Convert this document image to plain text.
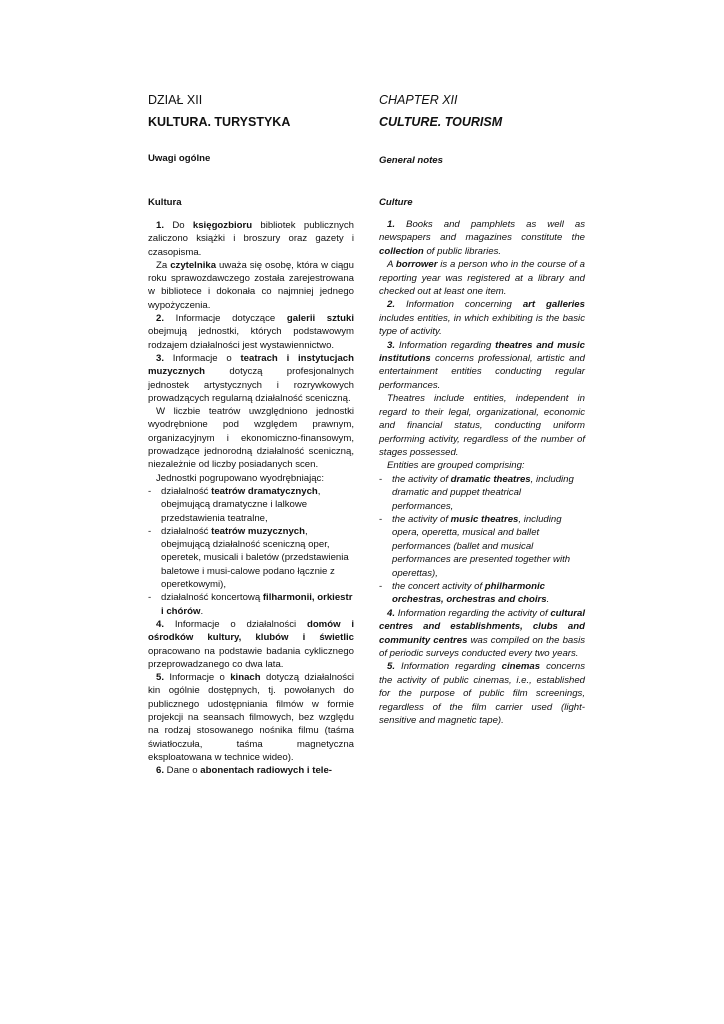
DZIAŁ XII
KULTURA. TURYSTYKA
Uwagi ogólne
Kultura

1. Do księgozbioru bibliotek publicznych zaliczono książki i broszury oraz gazety i czasopisma.

Za czytelnika uważa się osobę, która w ciągu roku sprawozdawczego została zarejestrowana w bibliotece i dokonała co najmniej jednego wypożyczenia.

2. Informacje dotyczące galerii sztuki obejmują jednostki, których podstawowym rodzajem działalności jest wystawiennictwo.

3. Informacje o teatrach i instytucjach muzycznych dotyczą profesjonalnych jednostek artystycznych i rozrywkowych prowadzących regularną działalność sceniczną.

W liczbie teatrów uwzględniono jednostki wyodrębnione pod względem prawnym, organizacyjnym i ekonomiczno-finansowym, prowadzące jednorodną działalność sceniczną, niezależnie od liczby posiadanych scen.

Jednostki pogrupowano wyodrębniając:

- działalność teatrów dramatycznych, obejmującą dramatyczne i lalkowe przedstawienia teatralne,

- działalność teatrów muzycznych, obejmującą działalność sceniczną oper, operetek, musicali i baletów (przedstawienia baletowe i musi-calowe podano łącznie z operetkowymi),

- działalność koncertową filharmonii, orkiestr i chórów.

4. Informacje o działalności domów i ośrodków kultury, klubów i świetlic opracowano na podstawie badania cyklicznego przeprowadzanego co dwa lata.

5. Informacje o kinach dotyczą działalności kin ogólnie dostępnych, tj. powołanych do publicznego udostępniania filmów w formie projekcji na seansach filmowych, bez względu na rodzaj stosowanego nośnika filmu (taśma światłoczuła, taśma magnetyczna eksploatowana w technice wideo).

6. Dane o abonentach radiowych i tele-

CHAPTER XII
CULTURE. TOURISM
General notes
Culture

1. Books and pamphlets as well as newspapers and magazines constitute the collection of public libraries.

A borrower is a person who in the course of a reporting year was registered at a library and checked out at least one item.

2. Information concerning art galleries includes entities, in which exhibiting is the basic type of activity.

3. Information regarding theatres and music institutions concerns professional, artistic and entertainment entities conducting regular performances.

Theatres include entities, independent in regard to their legal, organizational, economic and financial status, conducting uniform performing activity, regardless of the number of stages possessed.

Entities are grouped comprising:

- the activity of dramatic theatres, including dramatic and puppet theatrical performances,

- the activity of music theatres, including opera, operetta, musical and ballet performances (ballet and musical performances are presented together with operettas),

- the concert activity of philharmonic orchestras, orchestras and choirs.

4. Information regarding the activity of cultural centres and establishments, clubs and community centres was compiled on the basis of periodic surveys conducted every two years.

5. Information regarding cinemas concerns the activity of public cinemas, i.e., established for the purpose of public film screenings, regardless of the film carrier used (light-sensitive and magnetic tape).
